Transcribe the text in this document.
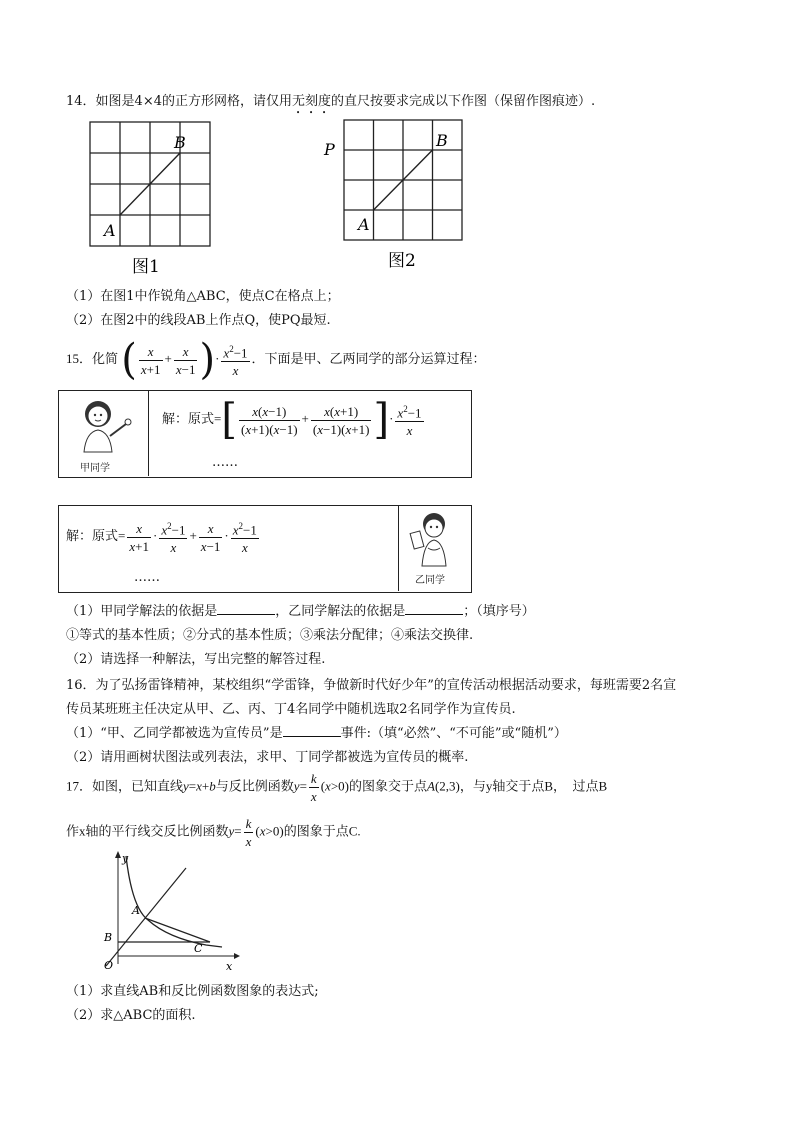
14．如图是4×4的正方形网格，请仅用无刻度的直尺按要求完成以下作图（保留作图痕迹）.
A
B
图1
P
A
B
图2
（1）在图1中作锐角△ABC，使点C在格点上；
（2）在图2中的线段AB上作点Q，使PQ最短.
15．化简 ( $\frac{x}{x+1} + \frac{x}{x-1}$ )· $\frac{x^2-1}{x}$ ．下面是甲、乙两同学的部分运算过程：
甲同学
解：原式=[ $\frac{x(x-1)}{(x+1)(x-1)} + \frac{x(x+1)}{(x-1)(x+1)}$ ]· $\frac{x^2-1}{x}$
……
解：原式= $\frac{x}{x+1} \cdot \frac{x^2-1}{x} + \frac{x}{x-1} \cdot \frac{x^2-1}{x}$
……	乙同学
（1）甲同学解法的依据是	，乙同学解法的依据是	；（填序号）
①等式的基本性质；②分式的基本性质；③乘法分配律；④乘法交换律.
（2）请选择一种解法，写出完整的解答过程.
16．为了弘扬雷锋精神，某校组织“学雷锋，争做新时代好少年”的宣传活动根据活动要求，每班需要2名宣
传员某班班主任决定从甲、乙、丙、丁4名同学中随机选取2名同学作为宣传员.
（1）“甲、乙同学都被选为宣传员”是	事件:（填“必然”、“不可能”或“随机”）
（2）请用画树状图法或列表法，求甲、丁同学都被选为宣传员的概率.
17．如图，已知直线y=x+b与反比例函数$y= \frac{k}{x} (x>0)$的图象交于点A(2,3)，与y轴交于点B，　过点B
作x轴的平行线交反比例函数$y= \frac{k}{x} (x>0)$的图象于点C.
y
x
O
A
B
C
（1）求直线AB和反比例函数图象的表达式;
（2）求△ABC的面积.
